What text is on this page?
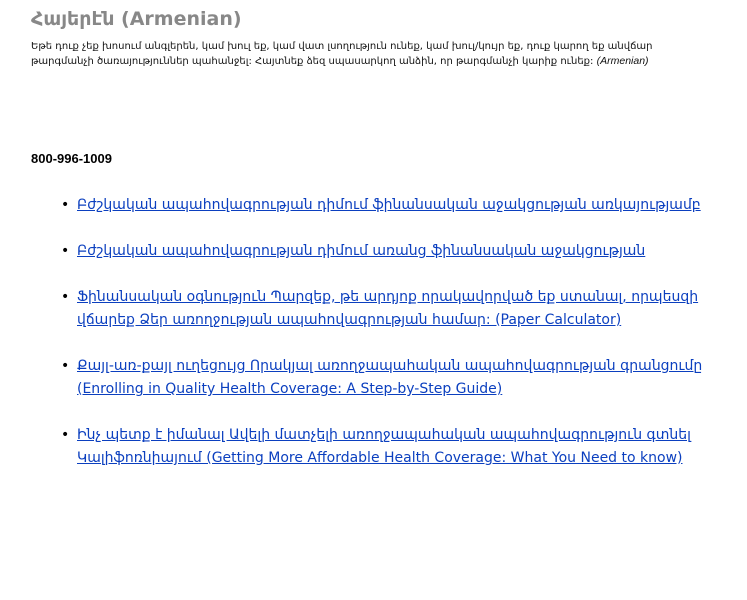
Հայերէն (Armenian)

Եթե դուք չեք խոսում անգլերեն, կամ խուլ եք, կամ վատ լսողություն ունեք, կամ խուլ/կույր եք, դուք կարող եք անվճար թարգմանչի ծառայություններ պահանջել: Հայտնեք ձեզ սպասարկող անձին, որ թարգմանչի կարիք ունեք: (Armenian)

800-996-1009

• Բժշկական ապահովագրության դիմում ֆինանսական աջակցության առկայությամբ
• Բժշկական ապահովագրության դիմում առանց ֆինանսական աջակցության
• Ֆինանսական օգնություն Պարզեք, թե արդյոք որակավորված եք ստանալ, որպեսզի վճարեք Ձեր առողջության ապահովագրության համար: (Paper Calculator)
• Քայլ-առ-քայլ ուղեցույց Որակյալ առողջապահական ապահովագրության գրանցումը (Enrolling in Quality Health Coverage: A Step-by-Step Guide)
• Ինչ պետք է իմանալ Ավելի մատչելի առողջապահական ապահովագրություն գտնել Կալիֆոռնիայում (Getting More Affordable Health Coverage: What You Need to know)
